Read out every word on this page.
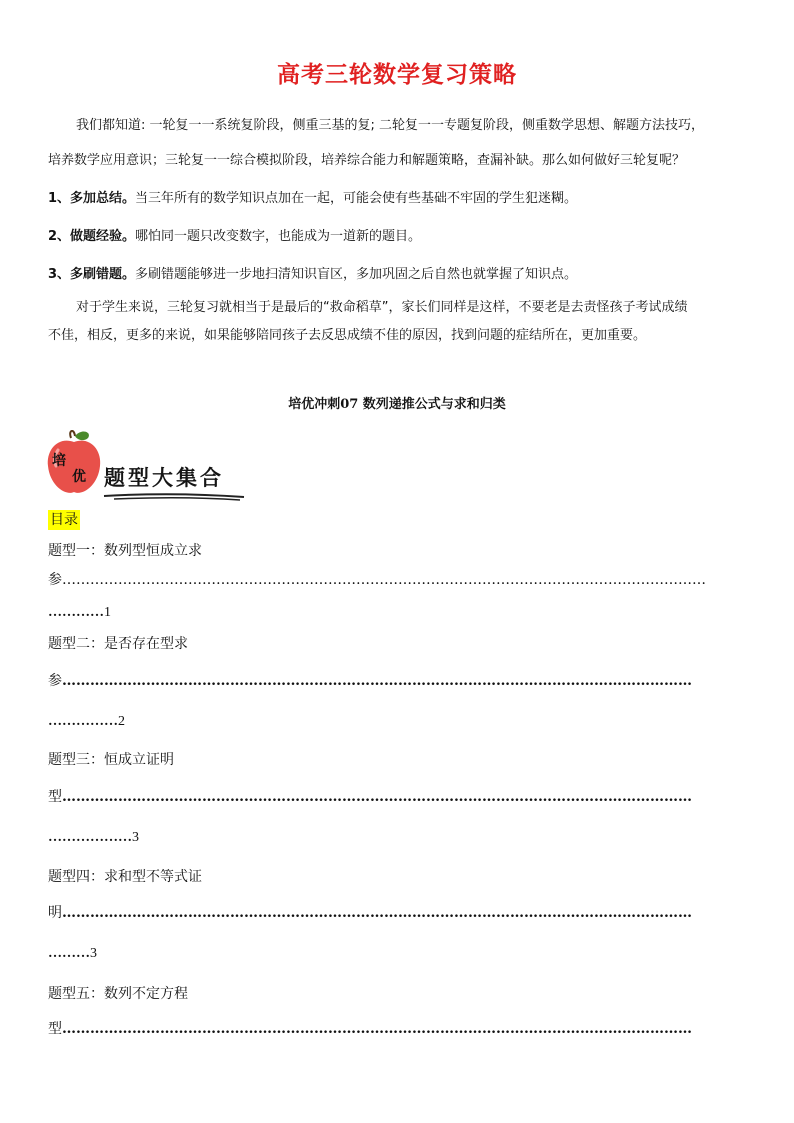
高考三轮数学复习策略
我们都知道: 一轮复一一系统复阶段，侧重三基的复; 二轮复一一专题复阶段，侧重数学思想、解题方法技巧，
培养数学应用意识；三轮复一一综合模拟阶段，培养综合能力和解题策略，查漏补缺。那么如何做好三轮复呢？
1、多加总结。当三年所有的数学知识点加在一起，可能会使有些基础不牢固的学生犯迷糊。
2、做题经验。哪怕同一题只改变数字，也能成为一道新的题目。
3、多刷错题。多刷错题能够进一步地扫清知识盲区，多加巩固之后自然也就掌握了知识点。
对于学生来说，三轮复习就相当于是最后的“救命稻草”，家长们同样是这样，不要老是去责怪孩子考试成绩
不佳，相反，更多的来说，如果能够陪同孩子去反思成绩不佳的原因，找到问题的症结所在，更加重要。
培优冲刺07 数列递推公式与求和归类
培
优 题型大集合
目录
题型一：数列型恒成立求
参 …………………………………………………………………………………………………………………………
…………1
题型二：是否存在型求
参 ………………………………………………………………………………………………………………………
……………2
题型三：恒成立证明
型 ………………………………………………………………………………………………………………………
………………3
题型四：求和型不等式证
明 ………………………………………………………………………………………………………………………
………3
题型五：数列不定方程
型 ………………………………………………………………………………………………………………………
